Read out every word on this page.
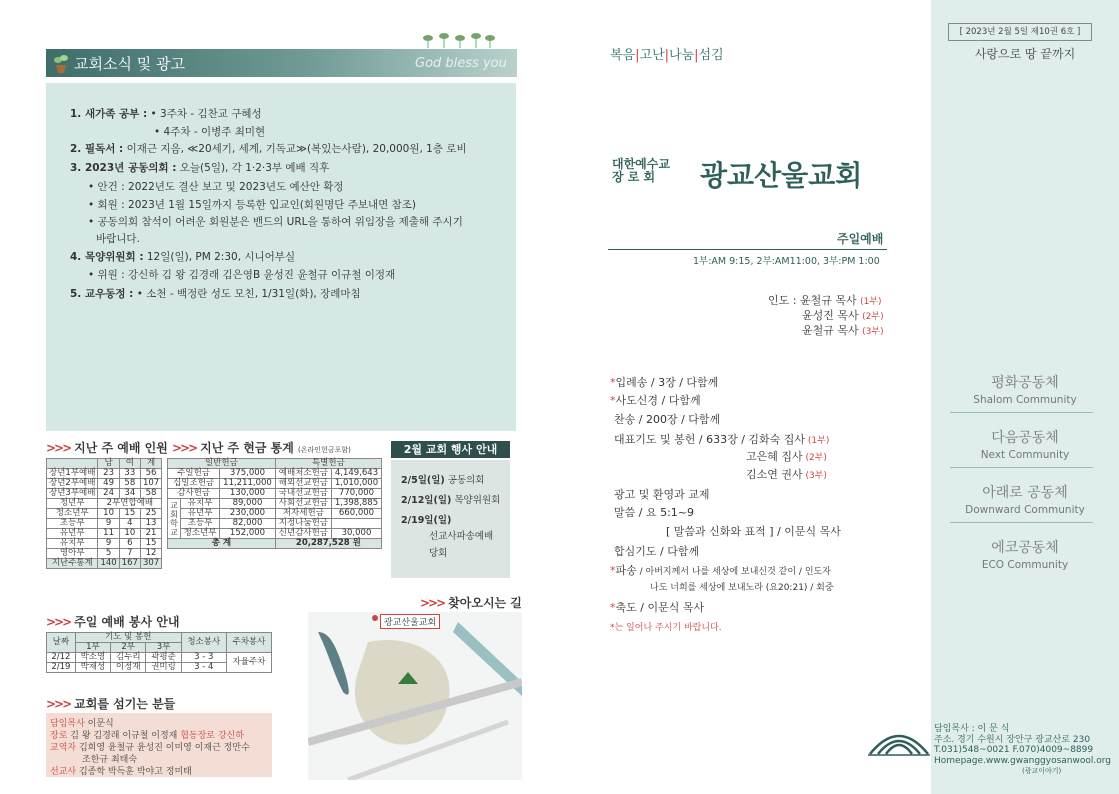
교회소식 및 광고	God bless you
1. 새가족 공부 : • 3주차 - 김찬교 구혜성
• 4주차 - 이병주 최미현
2. 필독서 : 이재근 지음, ≪20세기, 세계, 기독교≫(복있는사람), 20,000원, 1층 로비
3. 2023년 공동의회 : 오늘(5일), 각 1·2·3부 예배 직후
• 안건 : 2022년도 결산 보고 및 2023년도 예산안 확정
• 회원 : 2023년 1월 15일까지 등록한 입교인(회원명단 주보내면 참조)
• 공동의회 참석이 어려운 회원분은 밴드의 URL을 통하여 위임장을 제출해 주시기
바랍니다.
4. 목양위원회 : 12일(일), PM 2:30, 시니어부실
• 위원 : 강신하 김 왕 김경래 김은영B 윤성진 윤철규 이규철 이정재
5. 교우동정 : • 소천 - 백정란 성도 모친, 1/31일(화), 장례마침
>>> 지난 주 예배 인원
	남	여	계
장년1부예배	23	33	56
장년2부예배	49	58	107
장년3부예배	24	34	58
청년부	2부연합예배		
청소년부	10	15	25
초등부	9	4	13
유년부	11	10	21
유치부	9	6	15
영아부	5	7	12
지난주통계	140	167	307
>>> 지난 주 현금 통계 (온라인헌금포함)
일반헌금			특별헌금	
주일헌금		375,000	예배처소헌금	4,149,643
십일조헌금		11,211,000	해외선교헌금	1,010,000
감사헌금		130,000	국내선교헌금	770,000
교회학교	유치부	89,000	사회선교헌금	1,398,885
	유년부	230,000	저자세헌금	660,000
	초등부	82,000	지정나눔헌금	
	청소년부	152,000	신년감사헌금	30,000
총 계			20,287,528 원	
2월 교회 행사 안내
2/5일(일) 공동의회
2/12일(일) 목양위원회
2/19일(일)
선교사파송예배
당회
>>> 주일 예배 봉사 안내
날짜	기도 및 봉헌			청소봉사	주차봉사
	1부	2부	3부		
2/12	박소영	김누리	곽평준	3 - 3	자율주차
2/19	박채성	이정재	권미링	3 - 4	
>>> 교회를 섬기는 분들
담임목사 이문식
장로 김 왕 김경래 이규철 이정재 협동장로 강신하
교역자 김희영 윤철규 윤성진 이미영 이재근 정만수
조한규 최태숙
선교사 김종학 박득훈 박야고 정미태
>>> 찾아오시는 길
광교산울교회
복음|고난|나눔|섬김
대한예수교
장 로 회	광교산울교회
주일예배
1부:AM 9:15, 2부:AM11:00, 3부:PM 1:00
인도 : 윤철규 목사 (1부)
윤성진 목사 (2부)
윤철규 목사 (3부)
*입례송 / 3장 / 다함께
*사도신경 / 다함께
찬송 / 200장 / 다함께
대표기도 및 봉헌 / 633장 / 김화숙 집사 (1부)
고은혜 집사 (2부)
김소연 권사 (3부)
광고 및 환영과 교제
말씀 / 요 5:1~9
[ 말씀과 신화와 표적 ] / 이문식 목사
합심기도 / 다함께
*파송 / 아버지께서 나를 세상에 보내신것 같이 / 인도자
나도 너희를 세상에 보내노라 (요20:21) / 회중
*축도 / 이문식 목사
*는 일어나 주시기 바랍니다.
[ 2023년 2월 5일 제10권 6호 ]
사랑으로 땅 끝까지
평화공동체
Shalom Community
다음공동체
Next Community
아래로 공동체
Downward Community
에코공동체
ECO Community
담임목사 : 이 문 식
주소. 경기 수원시 장안구 광교산로 230
T.031)548~0021 F.070)4009~8899
Homepage.www.gwanggyosanwool.org
(광교이야기)
